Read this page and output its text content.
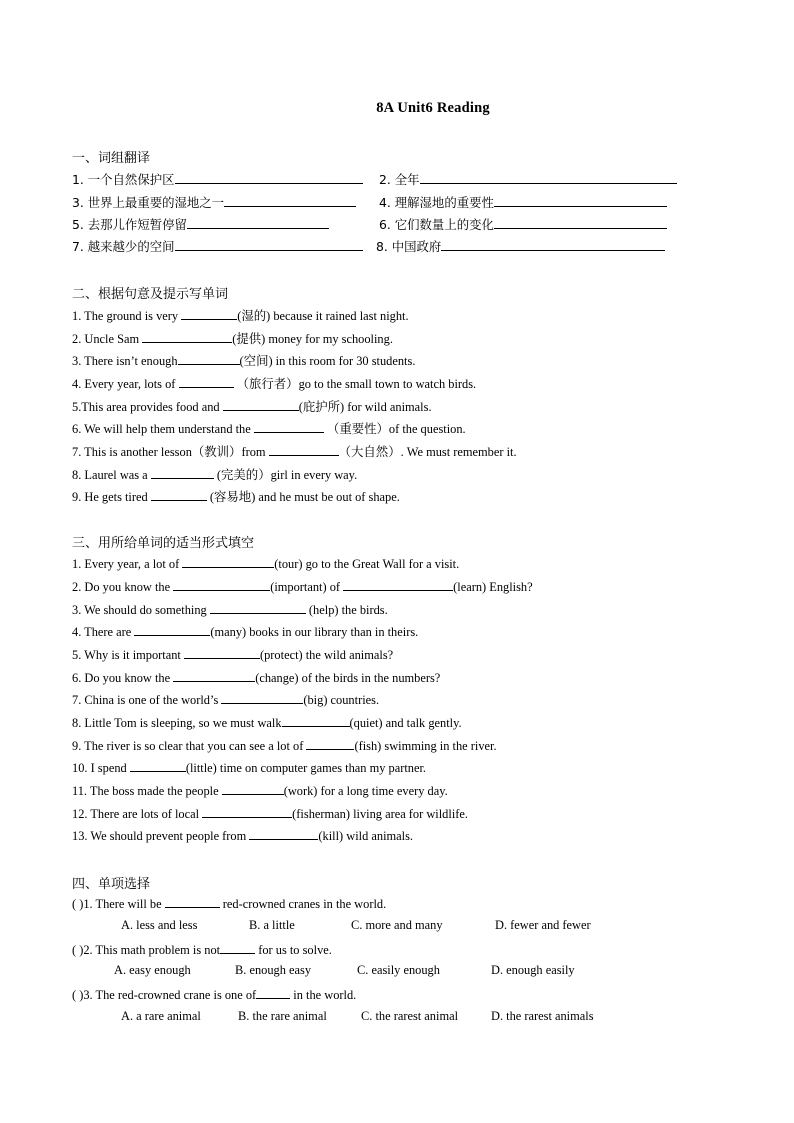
8A Unit6 Reading
一、词组翻译
1. 一个自然保护区	2. 全年
3. 世界上最重要的湿地之一	4. 理解湿地的重要性
5. 去那儿作短暂停留	6. 它们数量上的变化
7. 越来越少的空间	8. 中国政府
二、根据句意及提示写单词
1. The ground is very	(湿的) because it rained last night.
2. Uncle Sam	(提供) money for my schooling.
3. There isn’t enough	(空间) in this room for 30 students.
4. Every year, lots of	（旅行者）go to the small town to watch birds.
5.This area provides food and	(庇护所) for wild animals.
6. We will help them understand the	（重要性）of the question.
7. This is another lesson（教训）from	（大自然）. We must remember it.
8. Laurel was a	(完美的）girl in every way.
9. He gets tired	(容易地) and he must be out of shape.
三、用所给单词的适当形式填空
1. Every year, a lot of	(tour) go to the Great Wall for a visit.
2. Do you know the	(important) of	(learn) English?
3. We should do something	(help) the birds.
4. There are	(many) books in our library than in theirs.
5. Why is it important	(protect) the wild animals?
6. Do you know the	(change) of the birds in the numbers?
7. China is one of the world’s	(big) countries.
8. Little Tom is sleeping, so we must walk	(quiet) and talk gently.
9. The river is so clear that you can see a lot of	(fish) swimming in the river.
10. I spend	(little) time on computer games than my partner.
11. The boss made the people	(work) for a long time every day.
12. There are lots of local	(fisherman) living area for wildlife.
13. We should prevent people from	(kill) wild animals.
四、单项选择
( )1. There will be	red-crowned cranes in the world.
A. less and less	B. a little	C. more and many	D. fewer and fewer
( )2. This math problem is not	for us to solve.
A. easy enough	B. enough easy	C. easily enough	D. enough easily
( )3. The red-crowned crane is one of	in the world.
A. a rare animal	B. the rare animal	C. the rarest animal	D. the rarest animals
